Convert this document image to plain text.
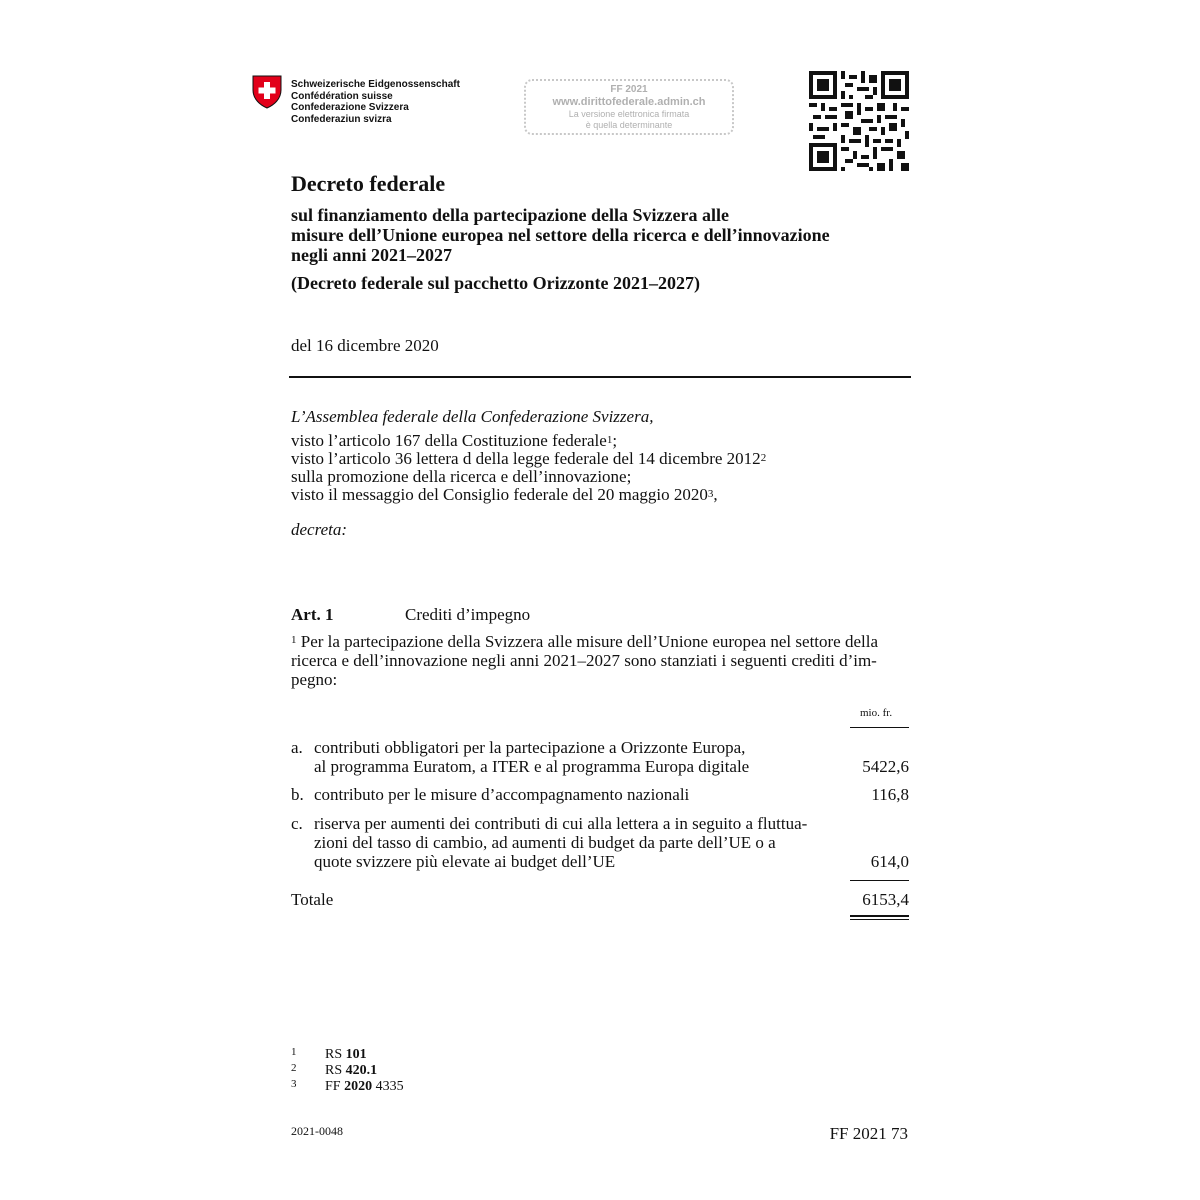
Schweizerische Eidgenossenschaft
Confédération suisse
Confederazione Svizzera
Confederaziun svizra
FF 2021
www.dirittofederale.admin.ch
La versione elettronica firmata
è quella determinante
Decreto federale
sul finanziamento della partecipazione della Svizzera alle
misure dell’Unione europea nel settore della ricerca e dell’innovazione
negli anni 2021–2027
(Decreto federale sul pacchetto Orizzonte 2021–2027)
del 16 dicembre 2020
L’Assemblea federale della Confederazione Svizzera,
visto l’articolo 167 della Costituzione federale$^1$;
visto l’articolo 36 lettera d della legge federale del 14 dicembre 2012$^2$
sulla promozione della ricerca e dell’innovazione;
visto il messaggio del Consiglio federale del 20 maggio 2020$^3$,
decreta:
Art. 1	Crediti d’impegno
$^1$ Per la partecipazione della Svizzera alle misure dell’Unione europea nel settore della
ricerca e dell’innovazione negli anni 2021–2027 sono stanziati i seguenti crediti d’im-
pegno:
mio. fr.
a. contributi obbligatori per la partecipazione a Orizzonte Europa,
al programma Euratom, a ITER e al programma Europa digitale	5422,6
b. contributo per le misure d’accompagnamento nazionali	116,8
c. riserva per aumenti dei contributi di cui alla lettera a in seguito a fluttua-
zioni del tasso di cambio, ad aumenti di budget da parte dell’UE o a
quote svizzere più elevate ai budget dell’UE	614,0
Totale	6153,4
1 RS 101
2 RS 420.1
3 FF 2020 4335
2021-0048	FF 2021 73
